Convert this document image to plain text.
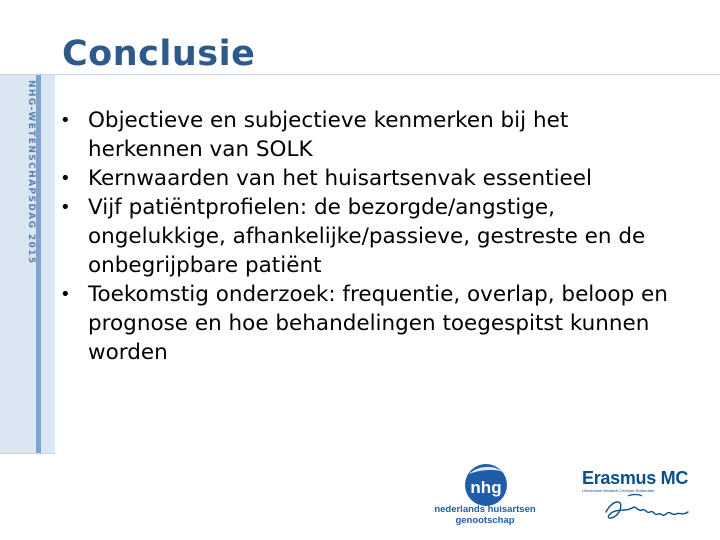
NHG-WETENSCHAPSDAG 2015
Conclusie
• Objectieve en subjectieve kenmerken bij het herkennen van SOLK
• Kernwaarden van het huisartsenvak essentieel
• Vijf patiëntprofielen: de bezorgde/angstige, ongelukkige, afhankelijke/passieve, gestreste en de onbegrijpbare patiënt
• Toekomstig onderzoek: frequentie, overlap, beloop en prognose en hoe behandelingen toegespitst kunnen worden
nhg
nederlands huisartsen
genootschap
Erasmus MC
Universitair Medisch Centrum Rotterdam
